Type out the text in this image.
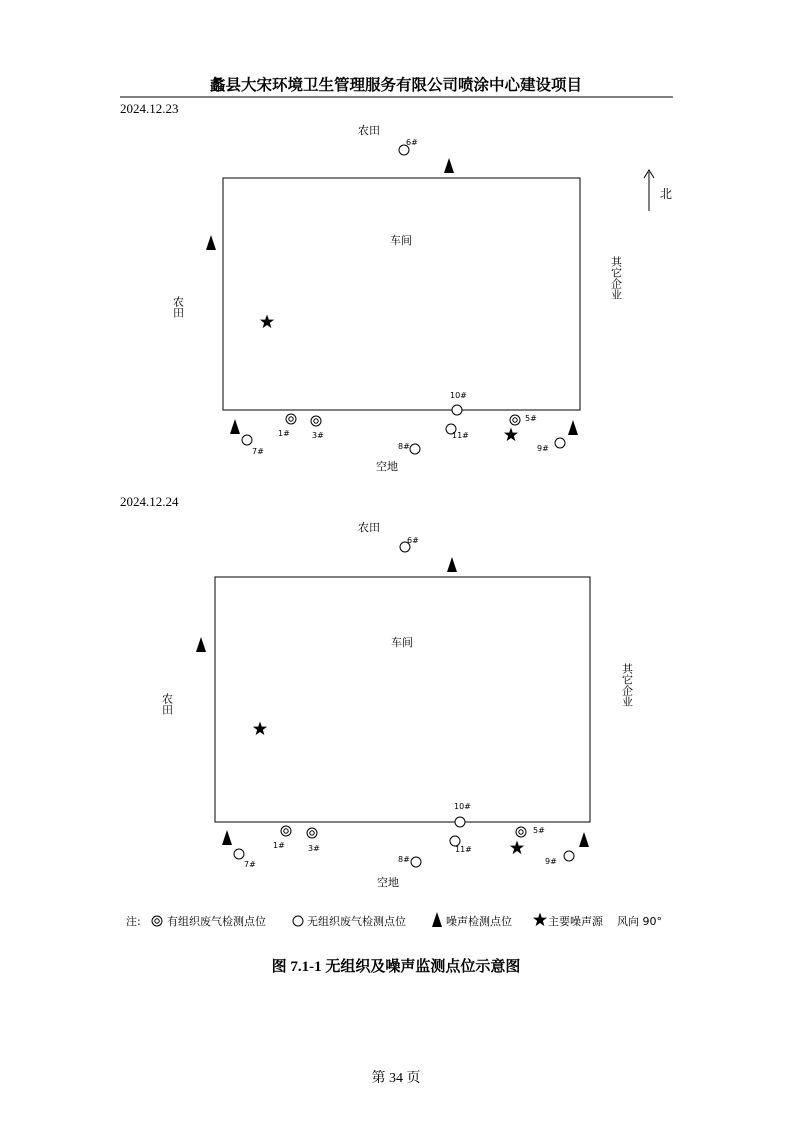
蠡县大宋环境卫生管理服务有限公司喷涂中心建设项目
2024.12.23
北
农田
车间
农田
其它企业
空地
6#
10#
7#
1#	3#
8#
11#
5#
9#
2024.12.24
农田
车间
农田	其它企业
空地
6#
10#
7#
1#	3#
8#
11#
5#
9#
注: 有组织废气检测点位	无组织废气检测点位	噪声检测点位	主要噪声源 风向 90°
图 7.1-1 无组织及噪声监测点位示意图
第 34 页
